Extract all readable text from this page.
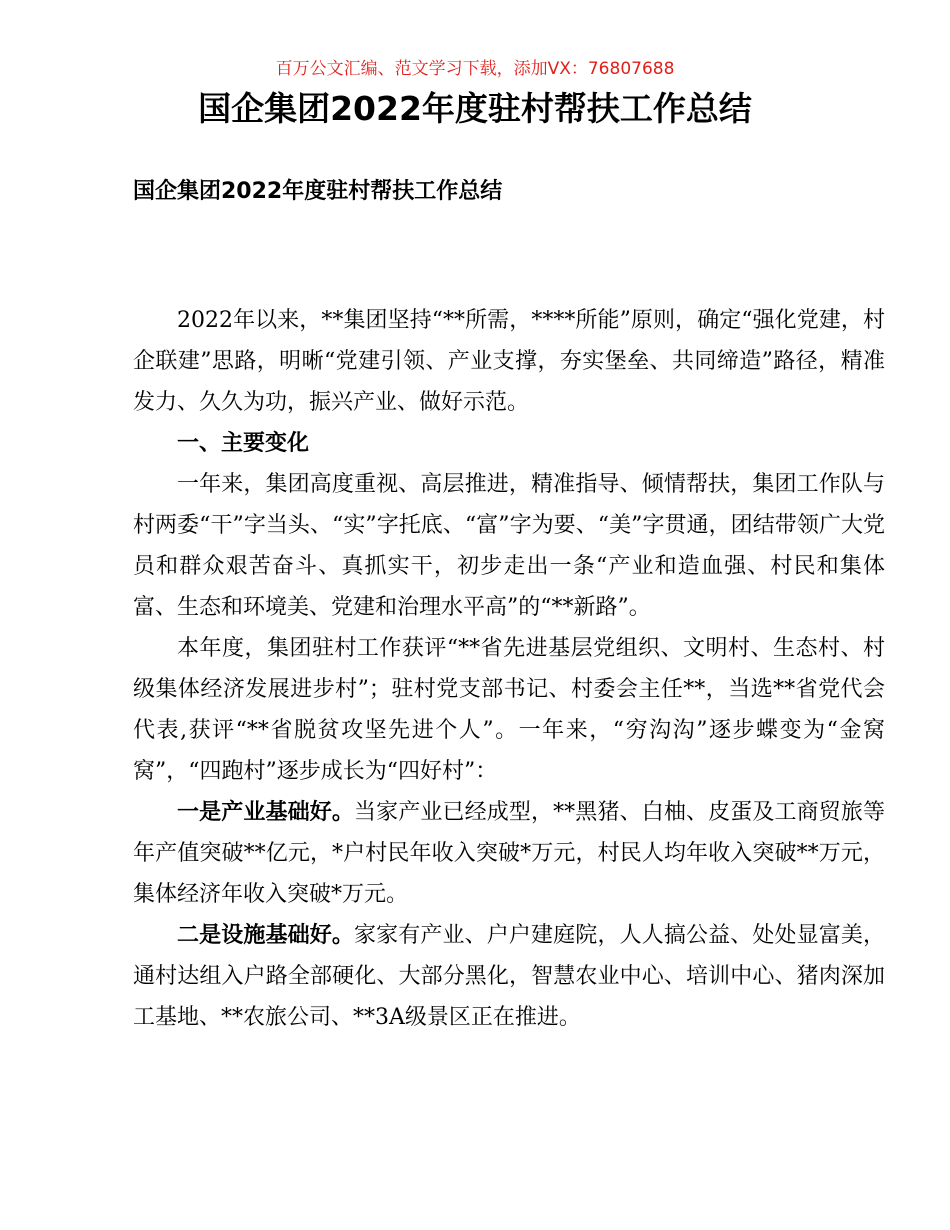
百万公文汇编、范文学习下载，添加VX：76807688
国企集团2022年度驻村帮扶工作总结
国企集团2022年度驻村帮扶工作总结

2022年以来，**集团坚持“**所需，****所能”原则，确定“强化党建，村企联建”思路，明晰“党建引领、产业支撑，夯实堡垒、共同缔造”路径，精准发力、久久为功，振兴产业、做好示范。

一、主要变化

一年来，集团高度重视、高层推进，精准指导、倾情帮扶，集团工作队与村两委“干”字当头、“实”字托底、“富”字为要、“美”字贯通，团结带领广大党员和群众艰苦奋斗、真抓实干，初步走出一条“产业和造血强、村民和集体富、生态和环境美、党建和治理水平高”的“**新路”。

本年度，集团驻村工作获评“**省先进基层党组织、文明村、生态村、村级集体经济发展进步村”；驻村党支部书记、村委会主任**，当选**省党代会代表,获评“**省脱贫攻坚先进个人”。一年来，“穷沟沟”逐步蝶变为“金窝窝”，“四跑村”逐步成长为“四好村”：

一是产业基础好。当家产业已经成型，**黑猪、白柚、皮蛋及工商贸旅等年产值突破**亿元，*户村民年收入突破*万元，村民人均年收入突破**万元，集体经济年收入突破*万元。

二是设施基础好。家家有产业、户户建庭院，人人搞公益、处处显富美，通村达组入户路全部硬化、大部分黑化，智慧农业中心、培训中心、猪肉深加工基地、**农旅公司、**3A级景区正在推进。
